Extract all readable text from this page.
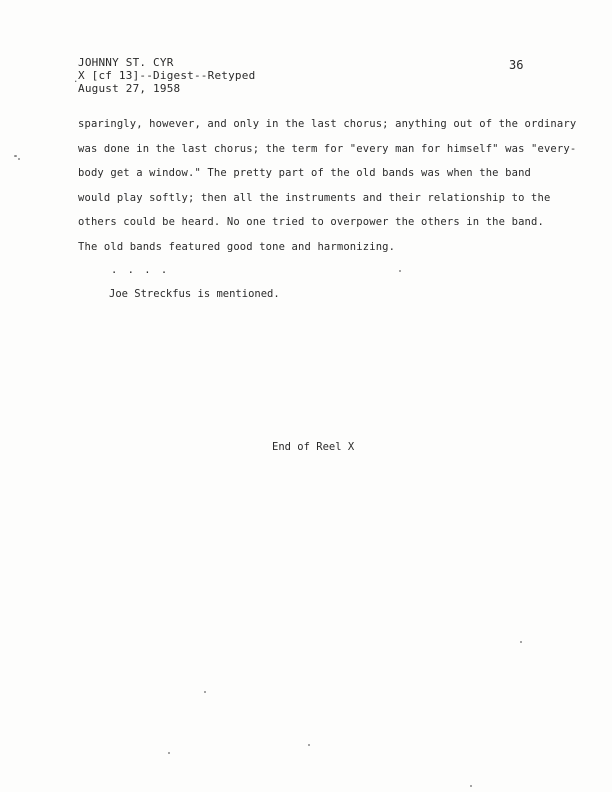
.
JOHNNY ST. CYR
X [cf 13]--Digest--Retyped
August 27, 1958
36
sparingly, however, and only in the last chorus; anything out of the ordinary
was done in the last chorus; the term for "every man for himself" was "every-
body get a window." The pretty part of the old bands was when the band
would play softly; then all the instruments and their relationship to the
others could be heard. No one tried to overpower the others in the band.
The old bands featured good tone and harmonizing.
. . . .
Joe Streckfus is mentioned.
End of Reel X
